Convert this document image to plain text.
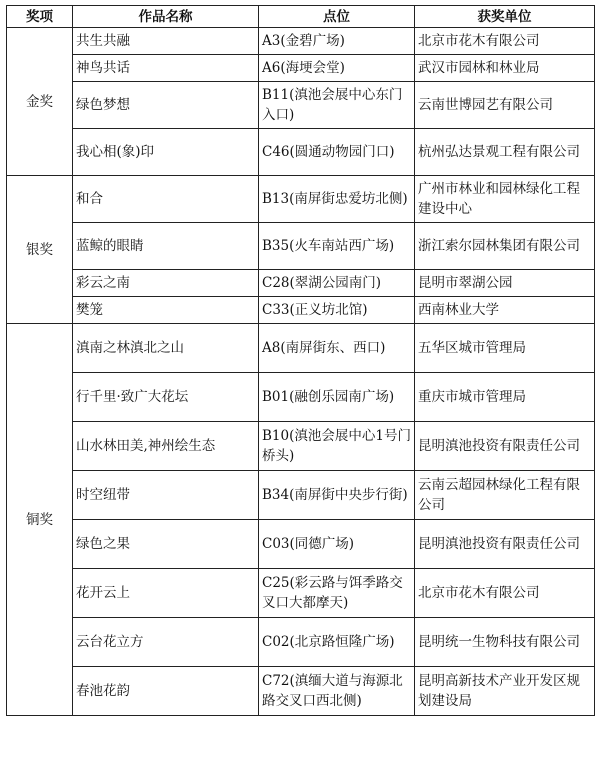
奖项	作品名称	点位	获奖单位
金奖	共生共融	A3(金碧广场)	北京市花木有限公司
	神鸟共话	A6(海埂会堂)	武汉市园林和林业局
	绿色梦想	B11(滇池会展中心东门入口)	云南世博园艺有限公司
	我心相(象)印	C46(圆通动物园门口)	杭州弘达景观工程有限公司
银奖	和合	B13(南屏街忠爱坊北侧)	广州市林业和园林绿化工程建设中心
	蓝鲸的眼睛	B35(火车南站西广场)	浙江索尔园林集团有限公司
	彩云之南	C28(翠湖公园南门)	昆明市翠湖公园
	樊笼	C33(正义坊北馆)	西南林业大学
铜奖	滇南之林滇北之山	A8(南屏街东、西口)	五华区城市管理局
	行千里·致广大花坛	B01(融创乐园南广场)	重庆市城市管理局
	山水林田美,神州绘生态	B10(滇池会展中心1号门桥头)	昆明滇池投资有限责任公司
	时空纽带	B34(南屏街中央步行街)	云南云超园林绿化工程有限公司
	绿色之果	C03(同德广场)	昆明滇池投资有限责任公司
	花开云上	C25(彩云路与饵季路交叉口大都摩天)	北京市花木有限公司
	云台花立方	C02(北京路恒隆广场)	昆明统一生物科技有限公司
	春池花韵	C72(滇缅大道与海源北路交叉口西北侧)	昆明高新技术产业开发区规划建设局
